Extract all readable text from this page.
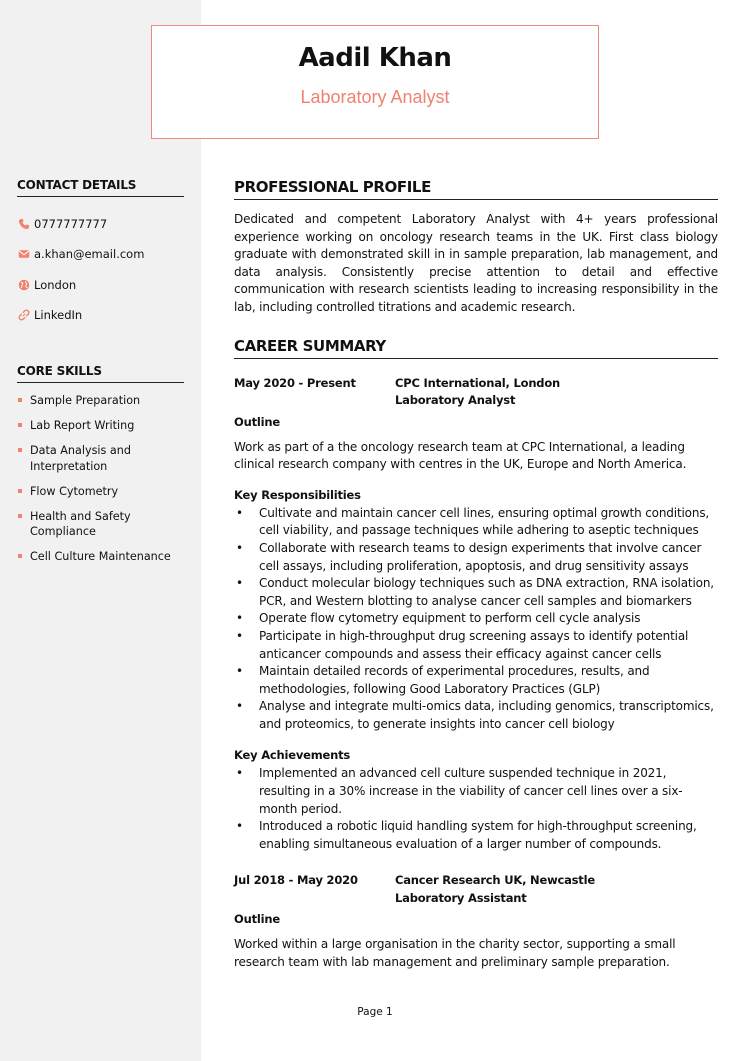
Aadil Khan
Laboratory Analyst
CONTACT DETAILS
0777777777
a.khan@email.com
London
LinkedIn
CORE SKILLS
Sample Preparation
Lab Report Writing
Data Analysis and Interpretation
Flow Cytometry
Health and Safety Compliance
Cell Culture Maintenance
PROFESSIONAL PROFILE

Dedicated and competent Laboratory Analyst with 4+ years professional experience working on oncology research teams in the UK. First class biology graduate with demonstrated skill in in sample preparation, lab management, and data analysis. Consistently precise attention to detail and effective communication with research scientists leading to increasing responsibility in the lab, including controlled titrations and academic research.

CAREER SUMMARY
May 2020 - Present	CPC International, London
Laboratory Analyst
Outline

Work as part of a the oncology research team at CPC International, a leading clinical research company with centres in the UK, Europe and North America.

Key Responsibilities
• Cultivate and maintain cancer cell lines, ensuring optimal growth conditions, cell viability, and passage techniques while adhering to aseptic techniques
• Collaborate with research teams to design experiments that involve cancer cell assays, including proliferation, apoptosis, and drug sensitivity assays
• Conduct molecular biology techniques such as DNA extraction, RNA isolation, PCR, and Western blotting to analyse cancer cell samples and biomarkers
• Operate flow cytometry equipment to perform cell cycle analysis
• Participate in high-throughput drug screening assays to identify potential anticancer compounds and assess their efficacy against cancer cells
• Maintain detailed records of experimental procedures, results, and methodologies, following Good Laboratory Practices (GLP)
• Analyse and integrate multi-omics data, including genomics, transcriptomics, and proteomics, to generate insights into cancer cell biology
Key Achievements
• Implemented an advanced cell culture suspended technique in 2021, resulting in a 30% increase in the viability of cancer cell lines over a six-month period.
• Introduced a robotic liquid handling system for high-throughput screening, enabling simultaneous evaluation of a larger number of compounds.
Jul 2018 - May 2020	Cancer Research UK, Newcastle
Laboratory Assistant
Outline

Worked within a large organisation in the charity sector, supporting a small research team with lab management and preliminary sample preparation.

Page 1
